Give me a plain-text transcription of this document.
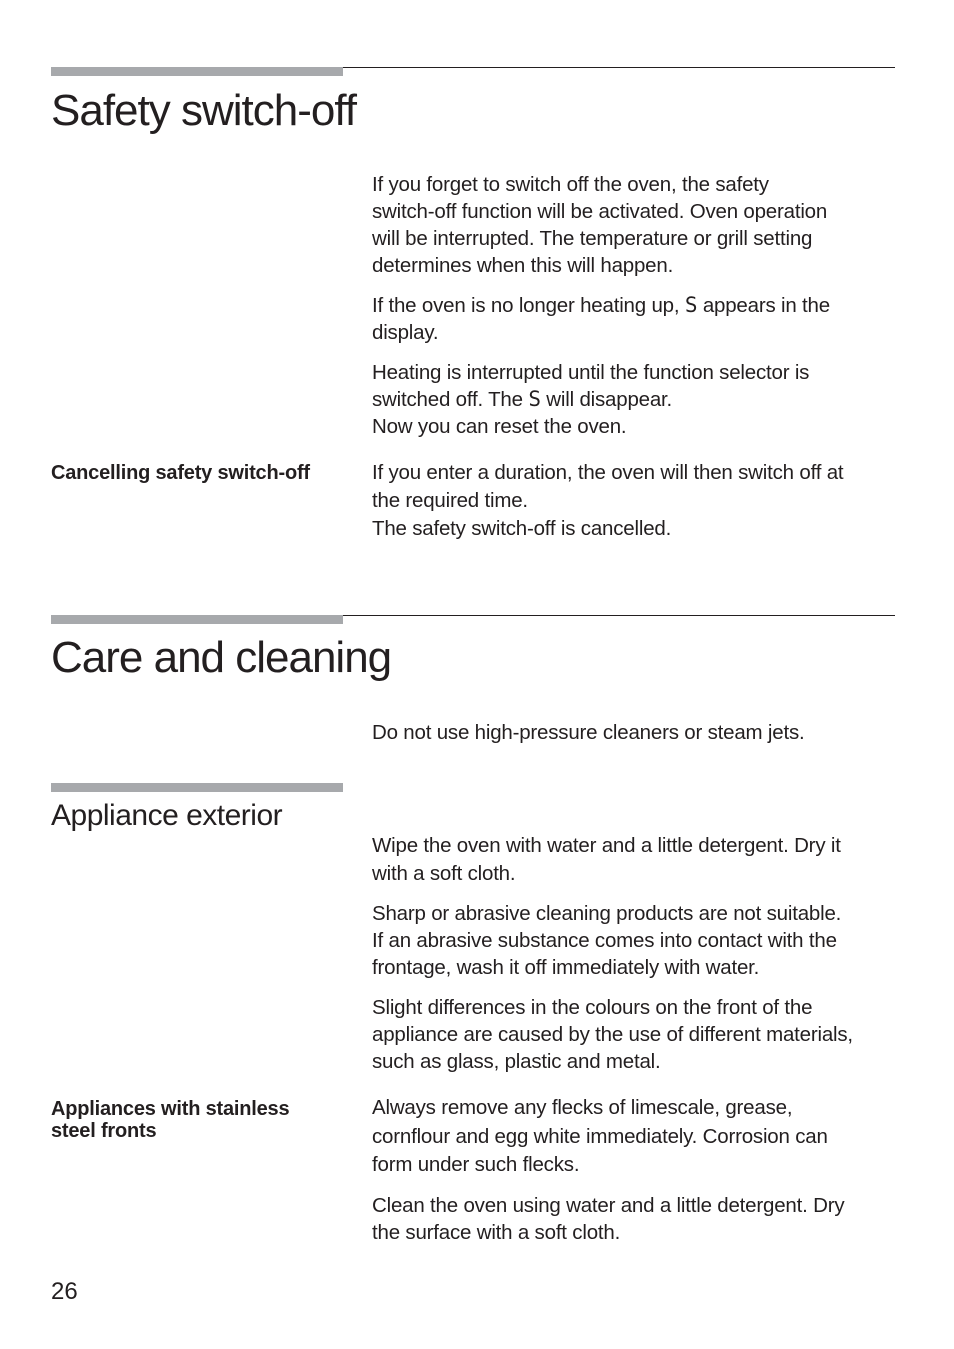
Safety switch-off

If you forget to switch off the oven, the safety
switch-off function will be activated. Oven operation
will be interrupted. The temperature or grill setting
determines when this will happen.

If the oven is no longer heating up, S appears in the
display.

Heating is interrupted until the function selector is
switched off. The S will disappear.
Now you can reset the oven.

Cancelling safety switch-off	If you enter a duration, the oven will then switch off at
the required time.
The safety switch-off is cancelled.

Care and cleaning

Do not use high-pressure cleaners or steam jets.

Appliance exterior

Wipe the oven with water and a little detergent. Dry it
with a soft cloth.

Sharp or abrasive cleaning products are not suitable.
If an abrasive substance comes into contact with the
frontage, wash it off immediately with water.

Slight differences in the colours on the front of the
appliance are caused by the use of different materials,
such as glass, plastic and metal.

Appliances with stainless
steel fronts

Always remove any flecks of limescale, grease,
cornflour and egg white immediately. Corrosion can
form under such flecks.

Clean the oven using water and a little detergent. Dry
the surface with a soft cloth.

26
